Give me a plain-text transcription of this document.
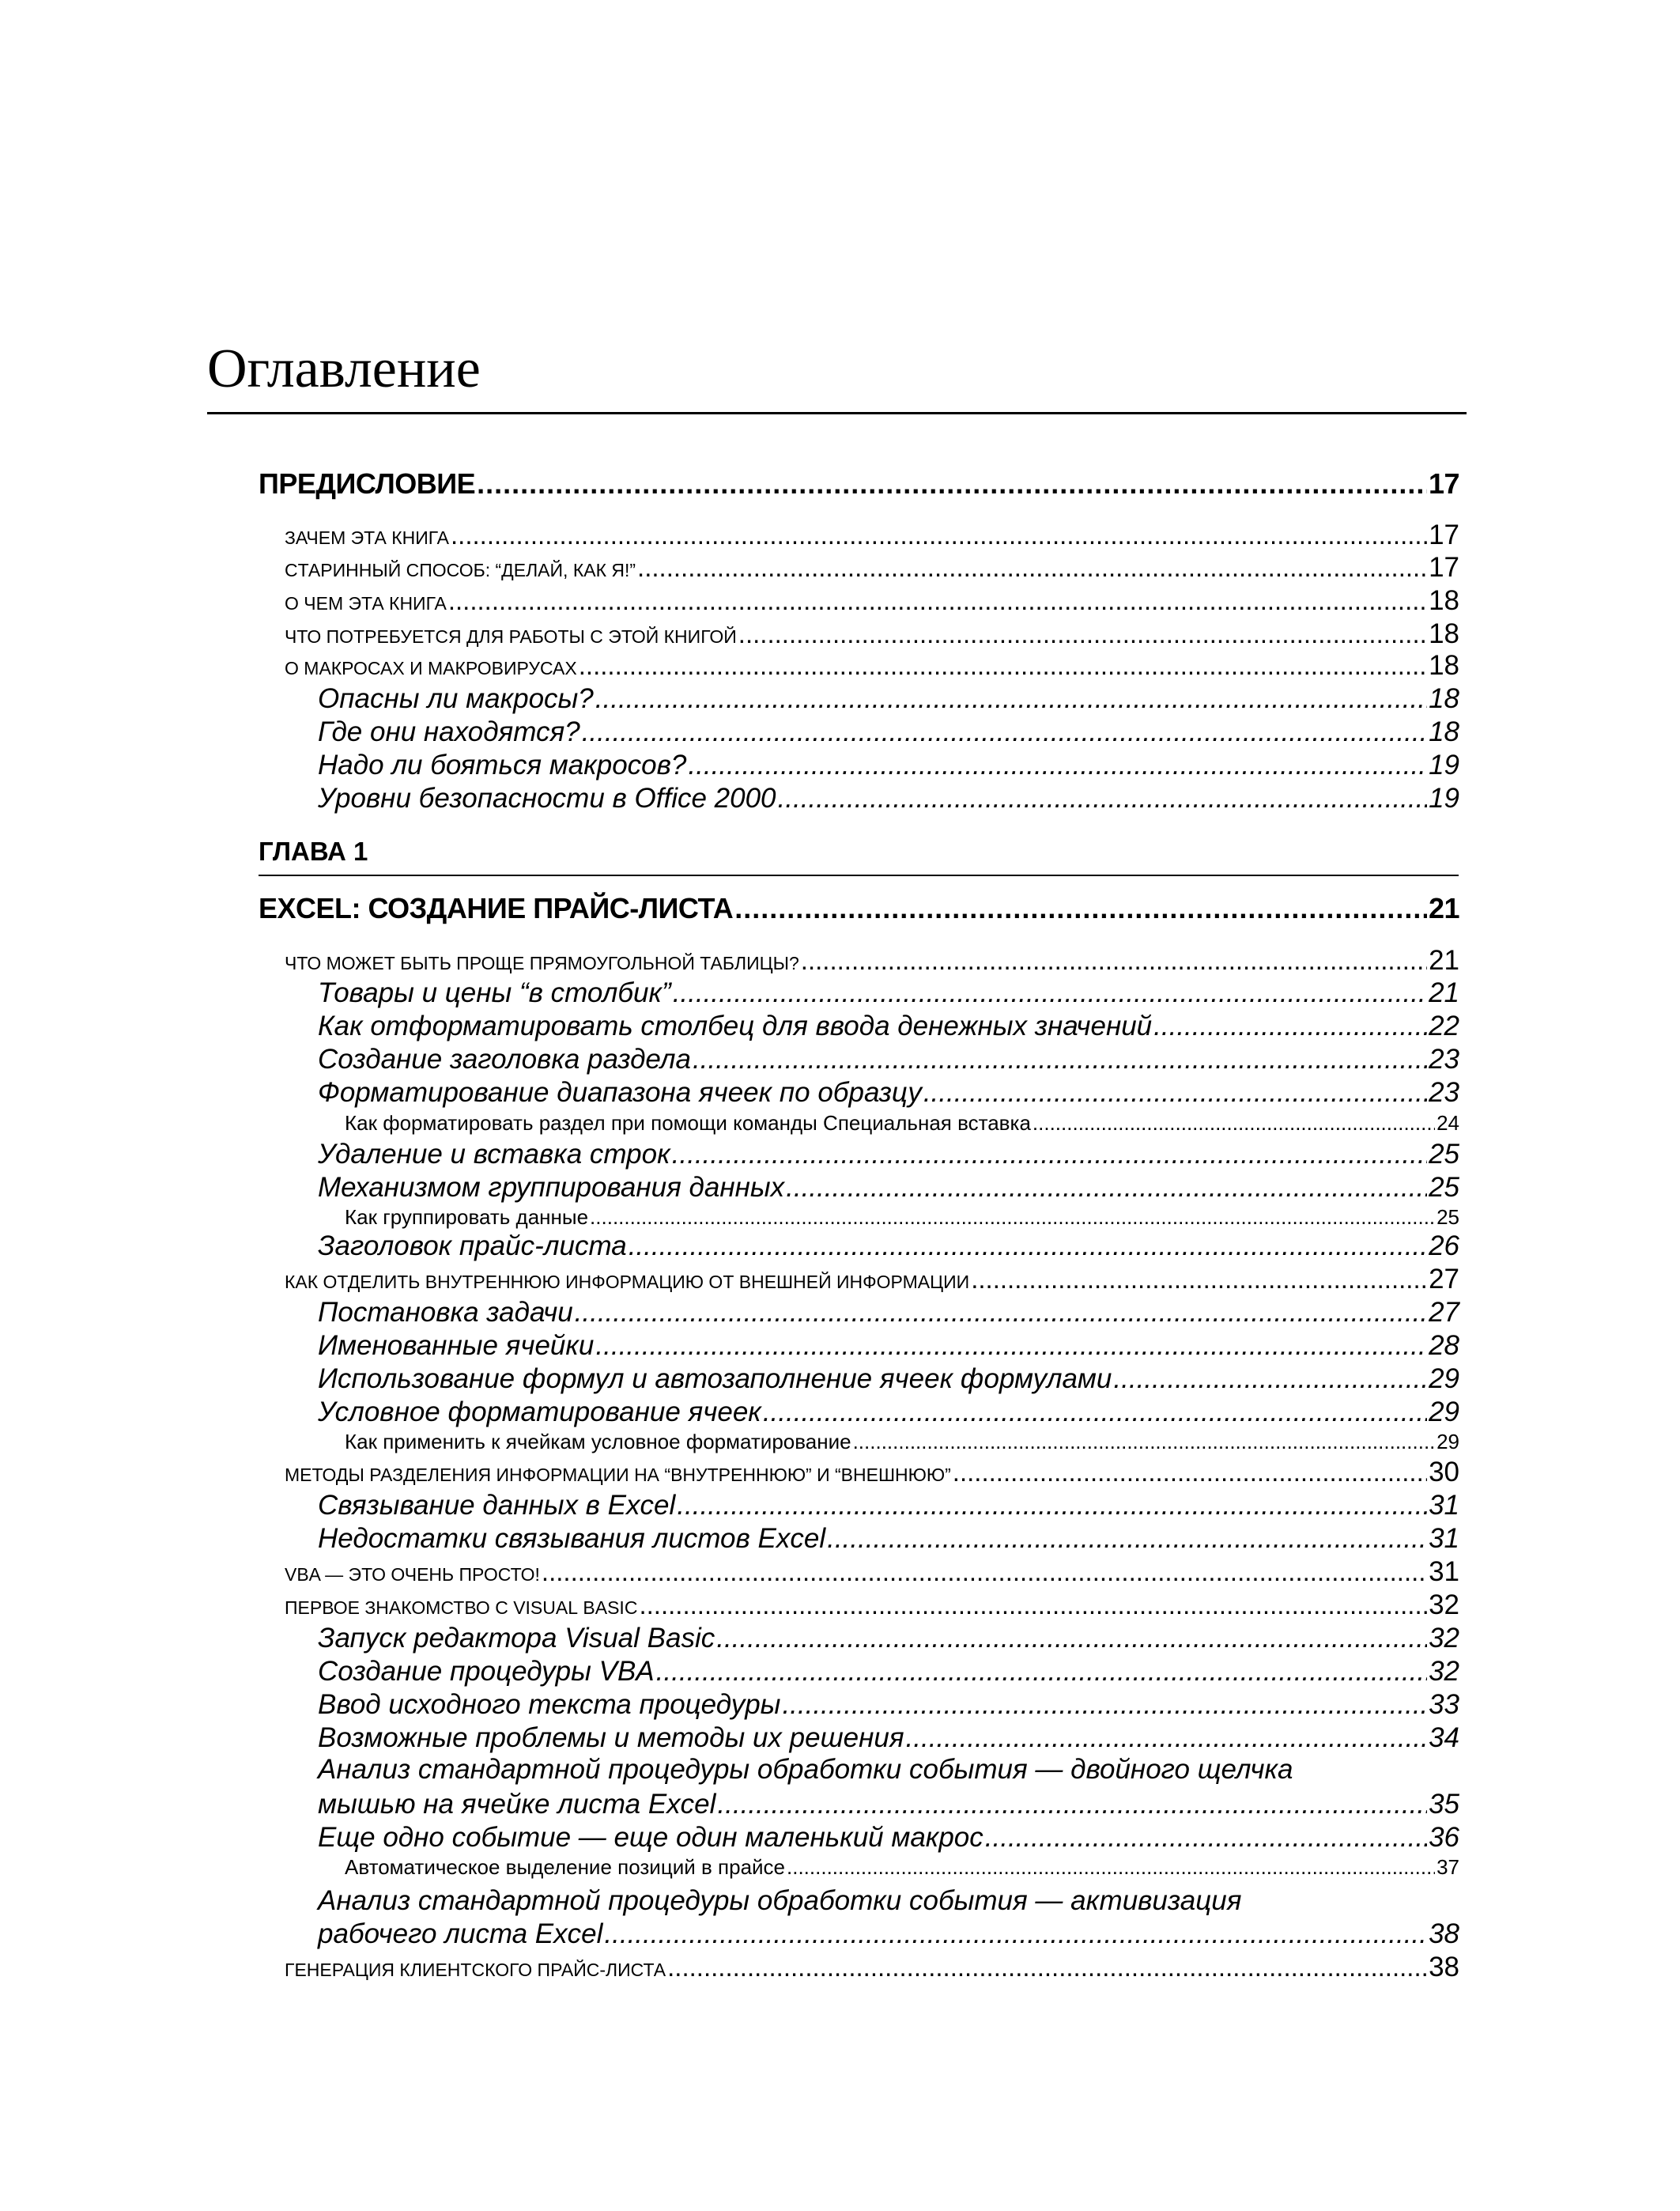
Оглавление
ПРЕДИСЛОВИЕ .....	17
Зачем эта книга .....	17
Старинный способ: “Делай, как я!” .....	17
О чем эта книга .....	18
Что потребуется для работы с этой книгой .....	18
О макросах и макровирусах .....	18
Опасны ли макросы? .....	18
Где они находятся? .....	18
Надо ли бояться макросов? .....	19
Уровни безопасности в Office 2000 .....	19
ГЛАВА 1
EXCEL: СОЗДАНИЕ ПРАЙС-ЛИСТА .....	21
Что может быть проще прямоугольной таблицы? .....	21
Товары и цены “в столбик” .....	21
Как отформатировать столбец для ввода денежных значений .....	22
Создание заголовка раздела .....	23
Форматирование диапазона ячеек по образцу .....	23
Как форматировать раздел при помощи команды Специальная вставка .....	24
Удаление и вставка строк .....	25
Механизмом группирования данных .....	25
Как группировать данные .....	25
Заголовок прайс-листа .....	26
Как отделить внутреннюю информацию от внешней информации .....	27
Постановка задачи .....	27
Именованные ячейки .....	28
Использование формул и автозаполнение ячеек формулами .....	29
Условное форматирование ячеек .....	29
Как применить к ячейкам условное форматирование .....	29
Методы разделения информации на “внутреннюю” и “внешнюю” .....	30
Связывание данных в Excel .....	31
Недостатки связывания листов Excel .....	31
VBA — это очень просто! .....	31
Первое знакомство с Visual Basic .....	32
Запуск редактора Visual Basic .....	32
Создание процедуры VBA .....	32
Ввод исходного текста процедуры .....	33
Возможные проблемы и методы их решения .....	34
Анализ стандартной процедуры обработки события — двойного щелчка
мышью на ячейке листа Excel .....	35
Еще одно событие — еще один маленький макрос .....	36
Автоматическое выделение позиций в прайсе .....	37
Анализ стандартной процедуры обработки события — активизация
рабочего листа Excel .....	38
Генерация клиентского прайс-листа .....	38
